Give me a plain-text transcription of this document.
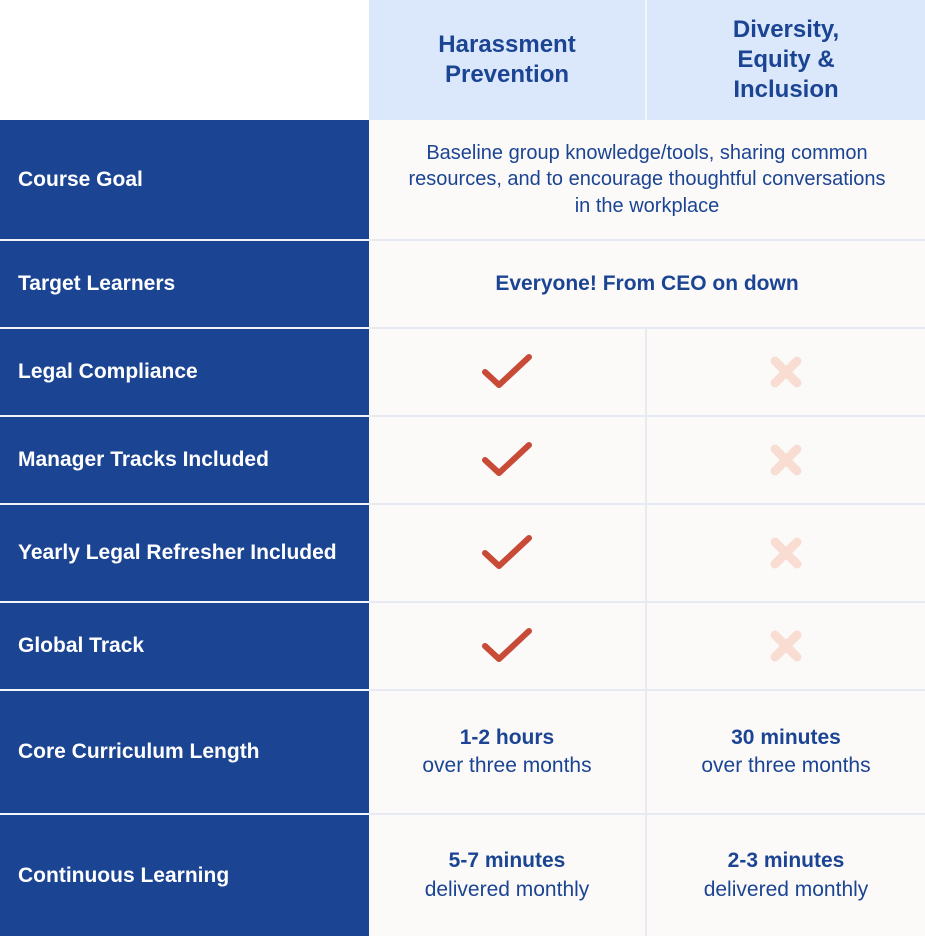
Harassment Prevention
Diversity, Equity & Inclusion
Course Goal
Baseline group knowledge/tools, sharing common resources, and to encourage thoughtful conversations in the workplace
Target Learners	Everyone! From CEO on down
Legal Compliance
Manager Tracks Included
Yearly Legal Refresher Included
Global Track
Core Curriculum Length
1-2 hours
over three months
30 minutes
over three months
Continuous Learning
5-7 minutes
delivered monthly
2-3 minutes
delivered monthly
